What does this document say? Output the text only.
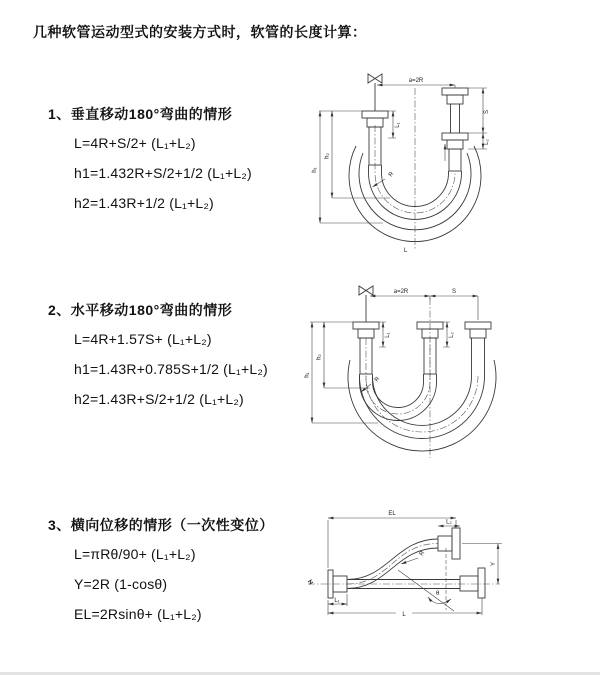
几种软管运动型式的安装方式时，软管的长度计算：
1、垂直移动180°弯曲的情形
L=4R+S/2+ (L₁+L₂)
h1=1.432R+S/2+1/2 (L₁+L₂)
h2=1.43R+1/2 (L₁+L₂)
2、水平移动180°弯曲的情形
L=4R+1.57S+ (L₁+L₂)
h1=1.43R+0.785S+1/2 (L₁+L₂)
h2=1.43R+S/2+1/2 (L₁+L₂)
3、横向位移的情形（一次性变位）
L=πRθ/90+ (L₁+L₂)
Y=2R (1-cosθ)
EL=2Rsinθ+ (L₁+L₂)
a=2R
h₁
h₂
L₁
S
L₂
R
L
a=2R	S
h₁
h₂
L₁	L₂
R
θ
R
EL
L₂
Y
L
L₁
